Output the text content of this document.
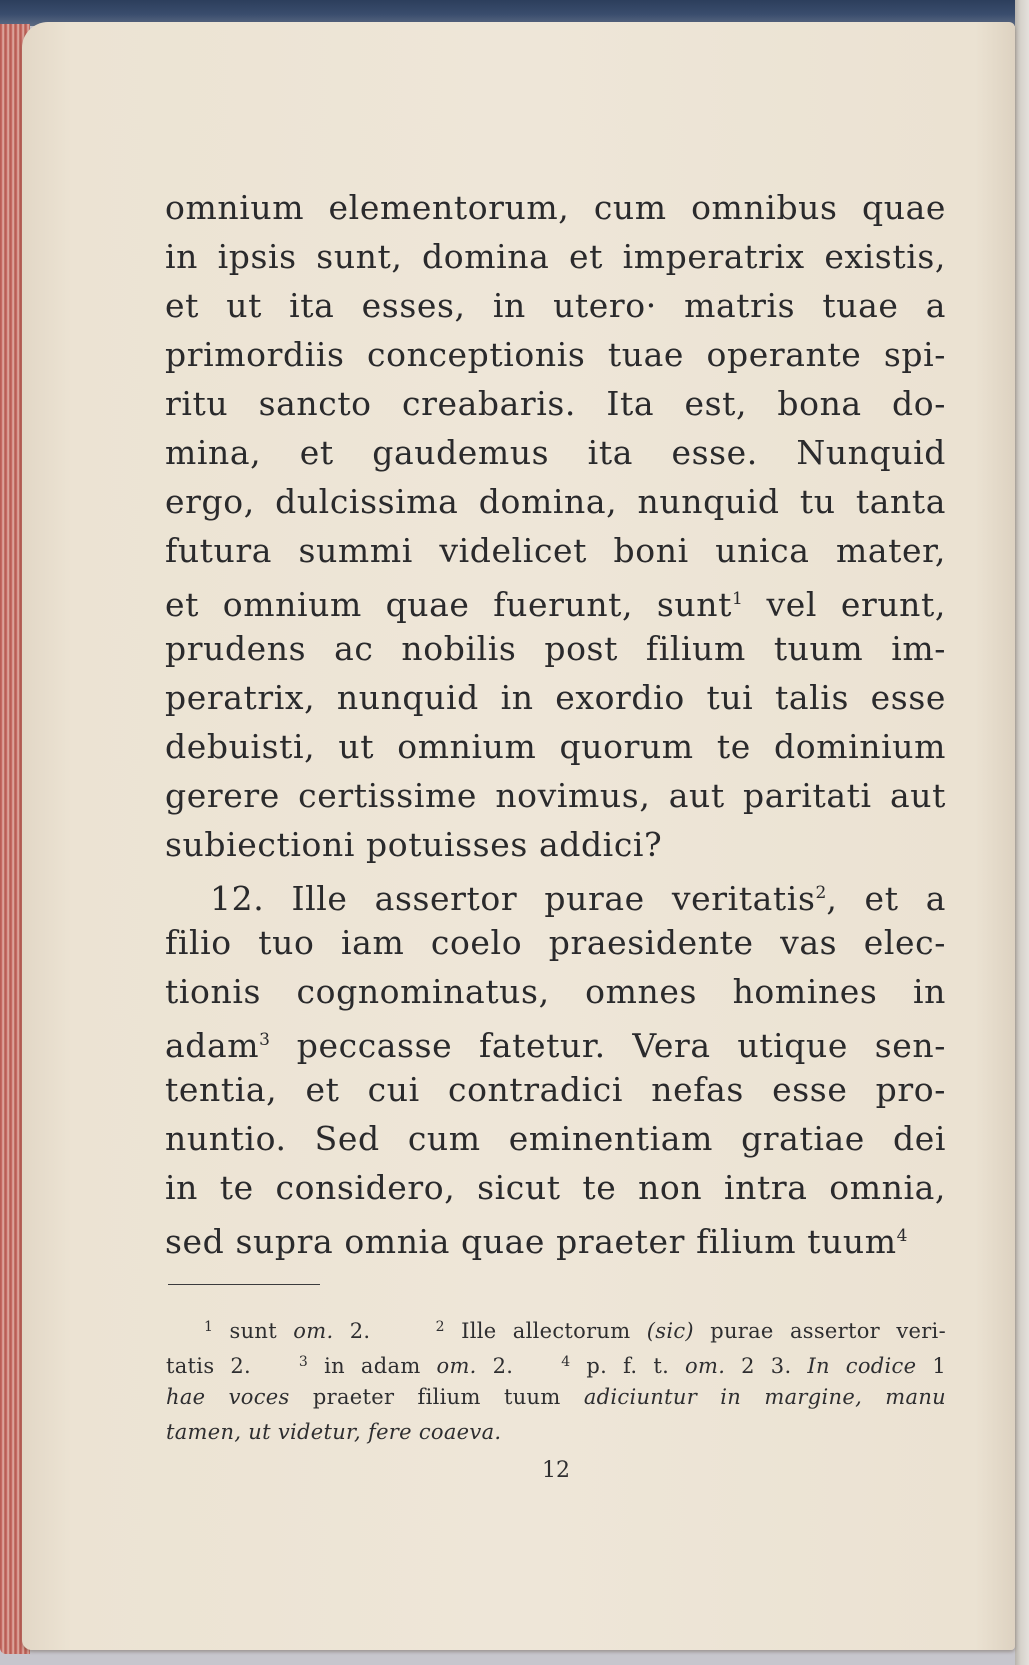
omnium elementorum, cum omnibus quae
in ipsis sunt, domina et imperatrix existis,
et ut ita esses, in utero· matris tuae a
primordiis conceptionis tuae operante spi-
ritu sancto creabaris. Ita est, bona do-
mina, et gaudemus ita esse. Nunquid
ergo, dulcissima domina, nunquid tu tanta
futura summi videlicet boni unica mater,
et omnium quae fuerunt, sunt$^1$ vel erunt,
prudens ac nobilis post filium tuum im-
peratrix, nunquid in exordio tui talis esse
debuisti, ut omnium quorum te dominium
gerere certissime novimus, aut paritati aut
subiectioni potuisses addici?
12. Ille assertor purae veritatis$^2$, et a
filio tuo iam coelo praesidente vas elec-
tionis cognominatus, omnes homines in
adam$^3$ peccasse fatetur. Vera utique sen-
tentia, et cui contradici nefas esse pro-
nuntio. Sed cum eminentiam gratiae dei
in te considero, sicut te non intra omnia,
sed supra omnia quae praeter filium tuum$^4$
$^1$ sunt om. 2.	$^2$ Ille allectorum (sic) purae assertor veri-
tatis 2.	$^3$ in adam om. 2.	$^4$ p. f. t. om. 2 3. In codice 1
hae voces praeter filium tuum adiciuntur in margine, manu
tamen, ut videtur, fere coaeva.
12
